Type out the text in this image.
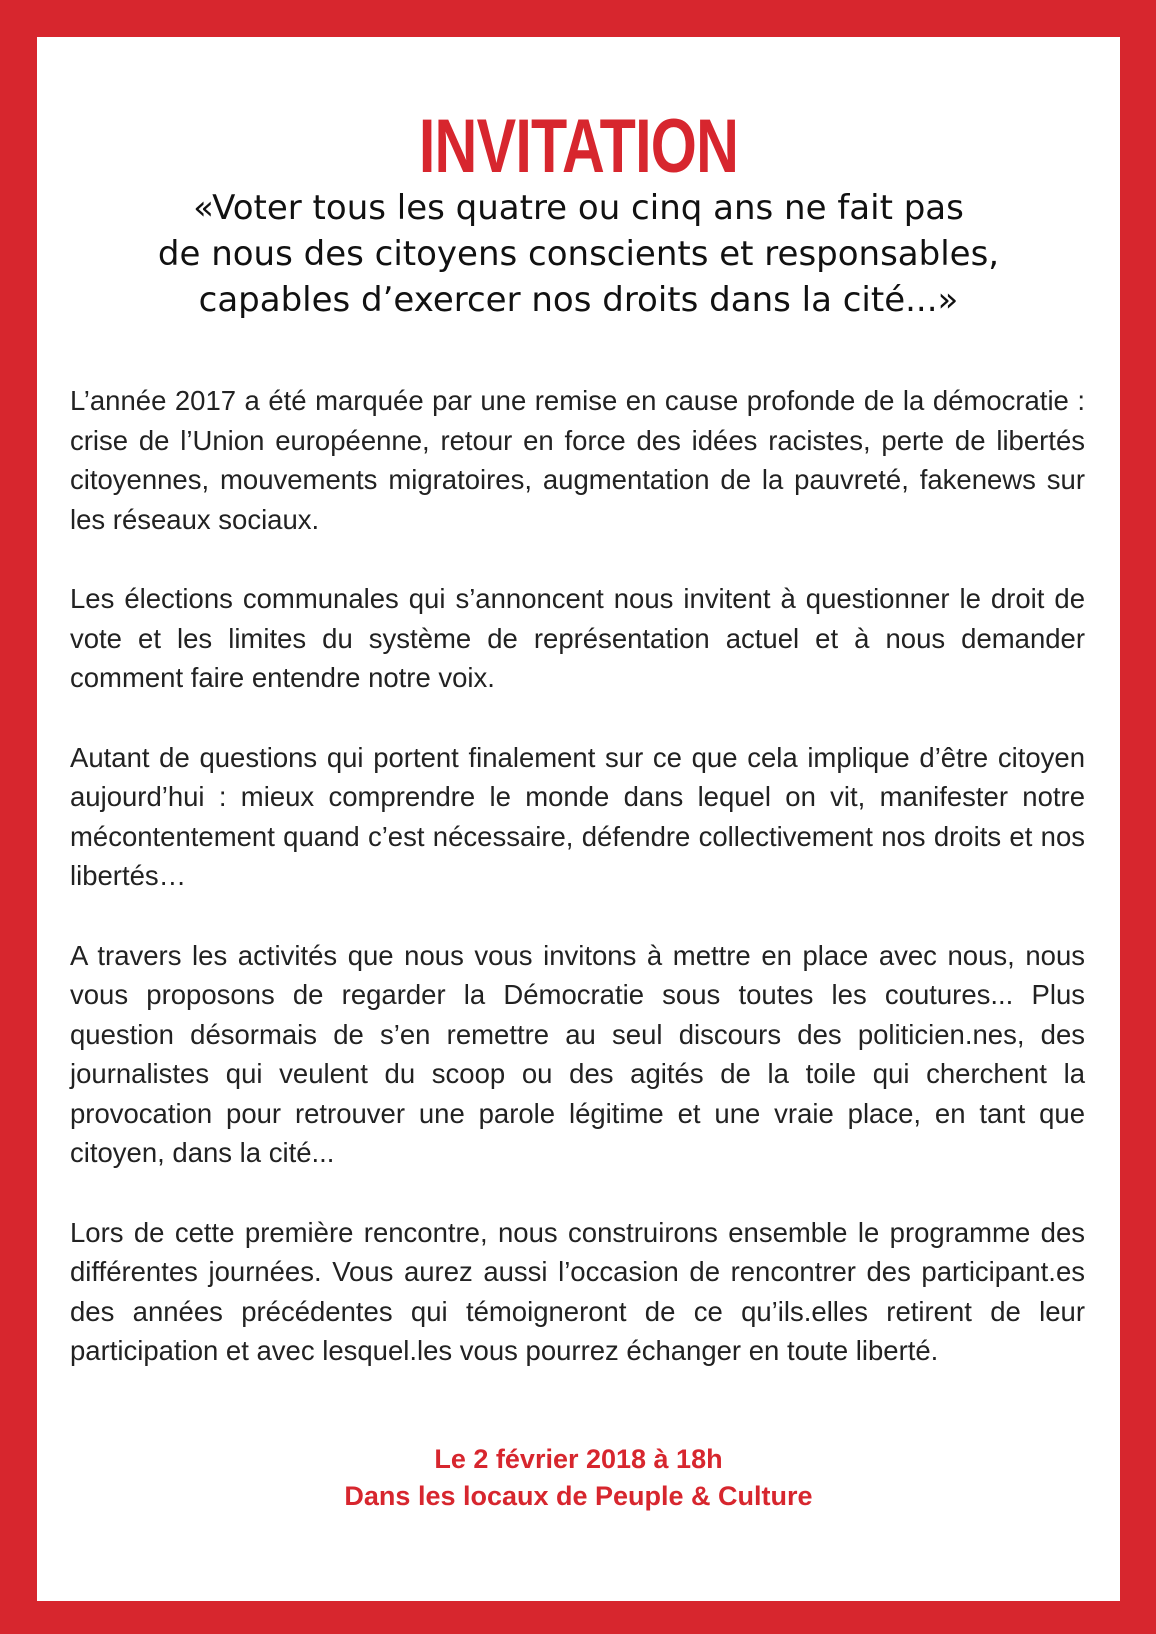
INVITATION
«Voter tous les quatre ou cinq ans ne fait pas
de nous des citoyens conscients et responsables,
capables d’exercer nos droits dans la cité...»

L’année 2017 a été marquée par une remise en cause profonde de la démocratie : crise de l’Union européenne, retour en force des idées racistes, perte de libertés citoyennes, mouvements migratoires, augmentation de la pauvreté, fakenews sur les réseaux sociaux.

Les élections communales qui s’annoncent nous invitent à questionner le droit de vote et les limites du système de représentation actuel et à nous demander comment faire entendre notre voix.

Autant de questions qui portent finalement sur ce que cela implique d’être citoyen aujourd’hui : mieux comprendre le monde dans lequel on vit, manifester notre mécontentement quand c’est nécessaire, défendre collectivement nos droits et nos libertés…

A travers les activités que nous vous invitons à mettre en place avec nous, nous vous proposons de regarder la Démocratie sous toutes les coutures... Plus question désormais de s’en remettre au seul discours des politicien.nes, des journalistes qui veulent du scoop ou des agités de la toile qui cherchent la provocation pour retrouver une parole légitime et une vraie place, en tant que citoyen, dans la cité...

Lors de cette première rencontre, nous construirons ensemble le programme des différentes journées. Vous aurez aussi l’occasion de rencontrer des participant.es des années précédentes qui témoigneront de ce qu’ils.elles retirent de leur participation et avec lesquel.les vous pourrez échanger en toute liberté.

Le 2 février 2018 à 18h
Dans les locaux de Peuple & Culture
